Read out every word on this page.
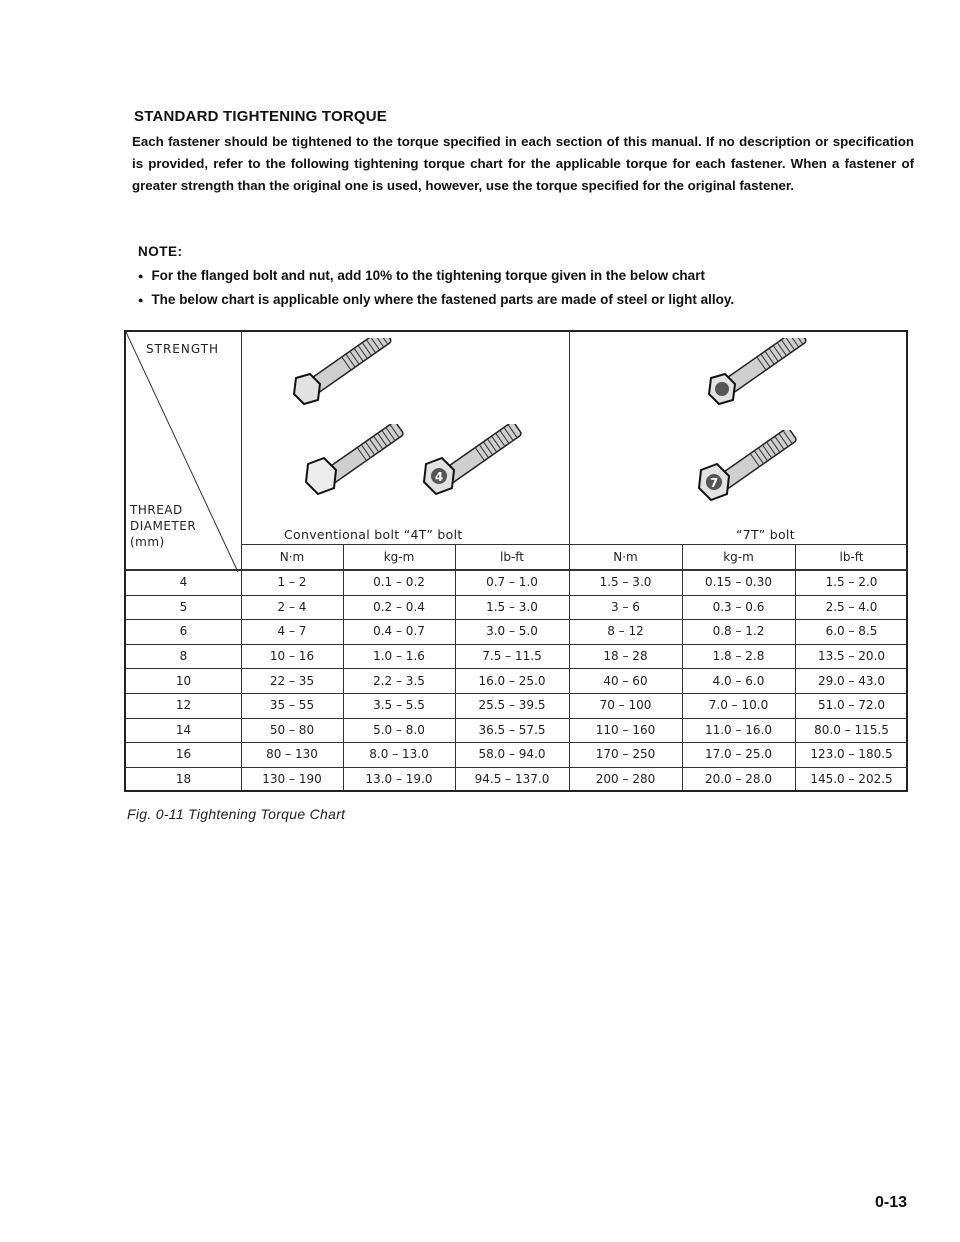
STANDARD TIGHTENING TORQUE
Each fastener should be tightened to the torque specified in each section of this manual. If no description or specification is provided, refer to the following tightening torque chart for the applicable torque for each fastener. When a fastener of greater strength than the original one is used, however, use the torque specified for the original fastener.
NOTE:
● For the flanged bolt and nut, add 10% to the tightening torque given in the below chart
● The below chart is applicable only where the fastened parts are made of steel or light alloy.
STRENGTH
THREAD
DIAMETER
(mm)
4
Conventional bolt “4T” bolt
7
“7T” bolt
N·m	kg-m	lb-ft	N·m	kg-m	lb-ft
4	1 – 2	0.1 – 0.2	0.7 – 1.0	1.5 – 3.0	0.15 – 0.30	1.5 – 2.0
5	2 – 4	0.2 – 0.4	1.5 – 3.0	3 – 6	0.3 – 0.6	2.5 – 4.0
6	4 – 7	0.4 – 0.7	3.0 – 5.0	8 – 12	0.8 – 1.2	6.0 – 8.5
8	10 – 16	1.0 – 1.6	7.5 – 11.5	18 – 28	1.8 – 2.8	13.5 – 20.0
10	22 – 35	2.2 – 3.5	16.0 – 25.0	40 – 60	4.0 – 6.0	29.0 – 43.0
12	35 – 55	3.5 – 5.5	25.5 – 39.5	70 – 100	7.0 – 10.0	51.0 – 72.0
14	50 – 80	5.0 – 8.0	36.5 – 57.5	110 – 160	11.0 – 16.0	80.0 – 115.5
16	80 – 130	8.0 – 13.0	58.0 – 94.0	170 – 250	17.0 – 25.0	123.0 – 180.5
18	130 – 190	13.0 – 19.0	94.5 – 137.0	200 – 280	20.0 – 28.0	145.0 – 202.5
Fig. 0-11 Tightening Torque Chart
0-13
